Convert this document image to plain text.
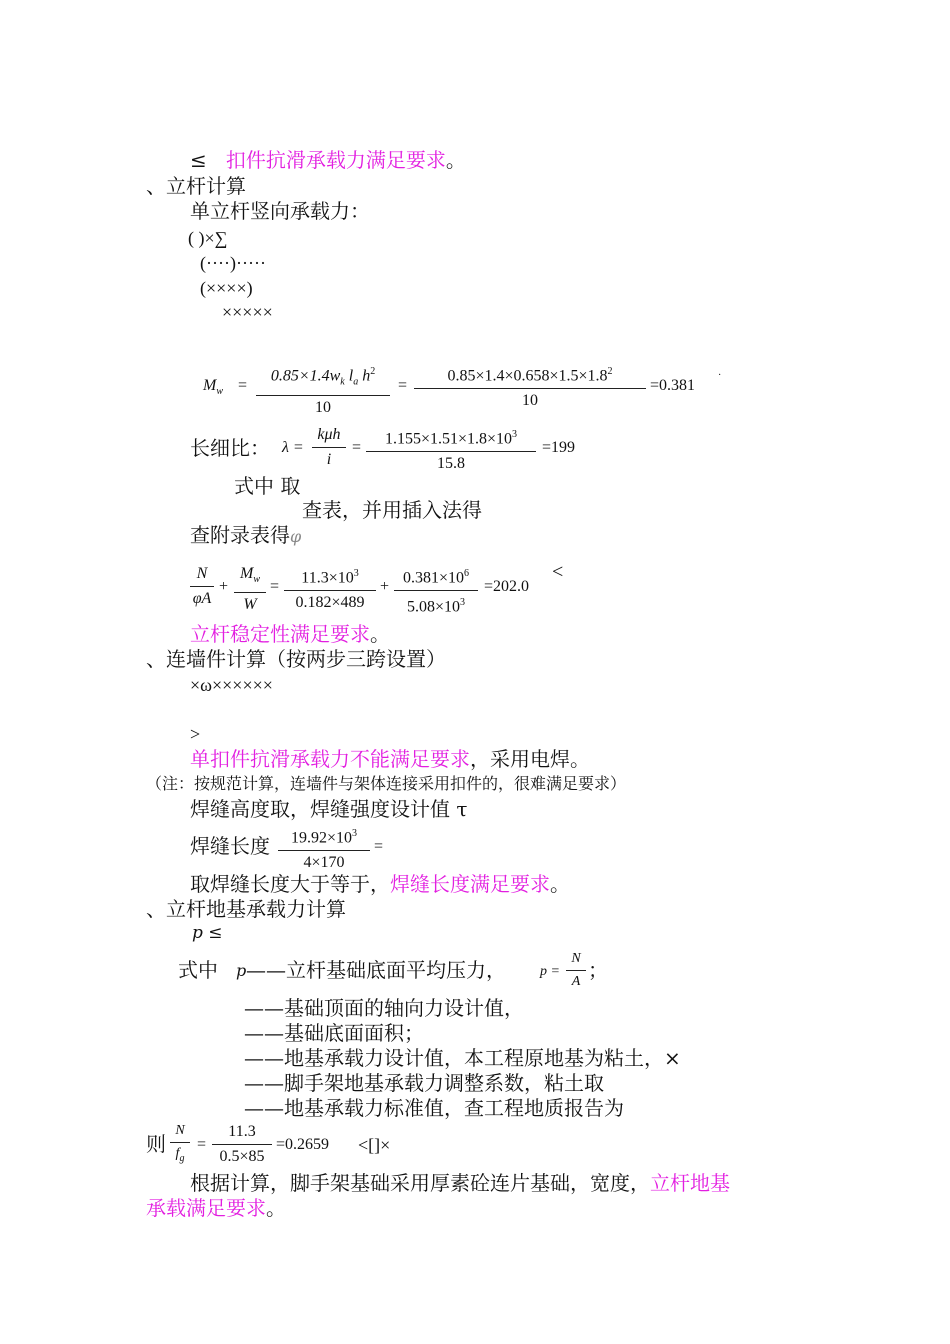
≤ 扣件抗滑承载力满足要求。
、立杆计算
单立杆竖向承载力：
( )×∑
(····)·····
(××××)
×××××
$M_w$ =
$0.85\times 1.4w_k$ $l_a$ $h^2$
10
=
$0.85\times 1.4\times 0.658\times 1.5\times 1.8^2$
10
=0.381
·
长细比： λ =
kμh
i
=
$1.155\times 1.51\times 1.8\times 10^3$
15.8
=199
式中 取
查表，并用插入法得
查附录表得φ
N
φA
+
$M_w$
W
=
$11.3\times 10^3$
0.182×489
+
$0.381\times 10^6$
$5.08\times 10^3$
=202.0
<
立杆稳定性满足要求。
、连墙件计算（按两步三跨设置）
×ω××××××
>
单扣件抗滑承载力不能满足要求，采用电焊。
（注：按规范计算，连墙件与架体连接采用扣件的，很难满足要求）
焊缝高度取，焊缝强度设计值 τ
焊缝长度	$19.92\times 10^3$
4×170
=
取焊缝长度大于等于，焊缝长度满足要求。
、立杆地基承载力计算
p ≤
式中 p ——立杆基础底面平均压力， p =
N
A ；
——基础顶面的轴向力设计值，
——基础底面面积；
——地基承载力设计值，本工程原地基为粘土，×
——脚手架地基承载力调整系数，粘土取
——地基承载力标准值，查工程地质报告为
则
N
$f_g$
=
11.3
0.5×85
=0.2659 <[]×
根据计算，脚手架基础采用厚素砼连片基础，宽度，立杆地基
承载满足要求。
